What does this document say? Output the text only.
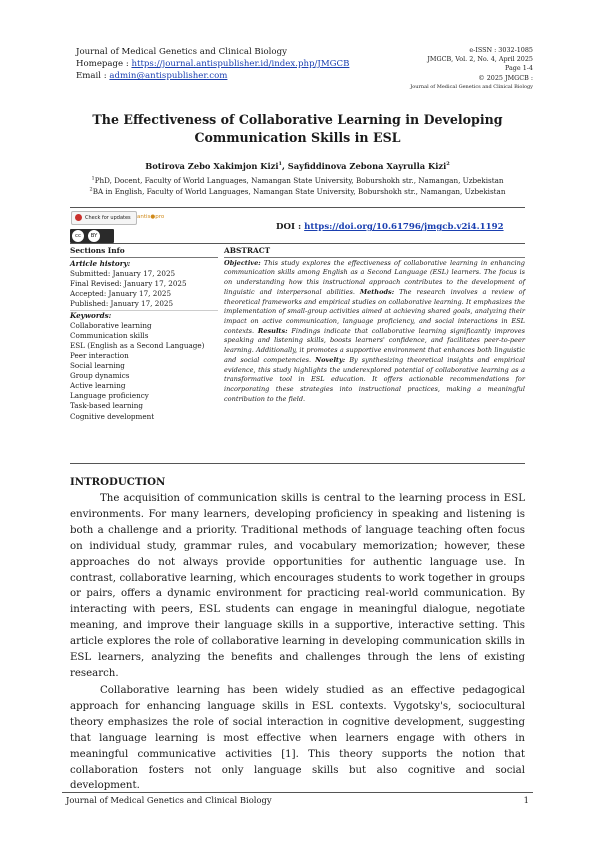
Journal of Medical Genetics and Clinical Biology
Homepage : https://journal.antispublisher.id/index.php/JMGCB
Email : admin@antispublisher.com
e-ISSN : 3032-1085
JMGCB, Vol. 2, No. 4, April 2025
Page 1-4
© 2025 JMGCB :
Journal of Medical Genetics and Clinical Biology
The Effectiveness of Collaborative Learning in Developing Communication Skills in ESL
Botirova Zebo Xakimjon Kizi$^1$, Sayfiddinova Zebona Xayrulla Kizi$^2$
$^1$PhD, Docent, Faculty of World Languages, Namangan State University, Boburshokh str., Namangan, Uzbekistan
$^2$BA in English, Faculty of World Languages, Namangan State University, Boburshokh str., Namangan, Uzbekistan
Check for updates	antis●pro
cc BY
DOI : https://doi.org/10.61796/jmgcb.v2i4.1192
Sections Info
Article history:
Submitted: January 17, 2025
Final Revised: January 17, 2025
Accepted: January 17, 2025
Published: January 17, 2025
Keywords:
Collaborative learning
Communication skills
ESL (English as a Second Language)
Peer interaction
Social learning
Group dynamics
Active learning
Language proficiency
Task-based learning
Cognitive development
ABSTRACT
Objective: This study explores the effectiveness of collaborative learning in enhancing communication skills among English as a Second Language (ESL) learners. The focus is on understanding how this instructional approach contributes to the development of linguistic and interpersonal abilities. Methods: The research involves a review of theoretical frameworks and empirical studies on collaborative learning. It emphasizes the implementation of small-group activities aimed at achieving shared goals, analyzing their impact on active communication, language proficiency, and social interactions in ESL contexts. Results: Findings indicate that collaborative learning significantly improves speaking and listening skills, boosts learners' confidence, and facilitates peer-to-peer learning. Additionally, it promotes a supportive environment that enhances both linguistic and social competencies. Novelty: By synthesizing theoretical insights and empirical evidence, this study highlights the underexplored potential of collaborative learning as a transformative tool in ESL education. It offers actionable recommendations for incorporating these strategies into instructional practices, making a meaningful contribution to the field.
INTRODUCTION
The acquisition of communication skills is central to the learning process in ESL environments. For many learners, developing proficiency in speaking and listening is both a challenge and a priority. Traditional methods of language teaching often focus on individual study, grammar rules, and vocabulary memorization; however, these approaches do not always provide opportunities for authentic language use. In contrast, collaborative learning, which encourages students to work together in groups or pairs, offers a dynamic environment for practicing real-world communication. By interacting with peers, ESL students can engage in meaningful dialogue, negotiate meaning, and improve their language skills in a supportive, interactive setting. This article explores the role of collaborative learning in developing communication skills in ESL learners, analyzing the benefits and challenges through the lens of existing research.
Collaborative learning has been widely studied as an effective pedagogical approach for enhancing language skills in ESL contexts. Vygotsky's, sociocultural theory emphasizes the role of social interaction in cognitive development, suggesting that language learning is most effective when learners engage with others in meaningful communicative activities [1]. This theory supports the notion that collaboration fosters not only language skills but also cognitive and social development.
Journal of Medical Genetics and Clinical Biology	1
